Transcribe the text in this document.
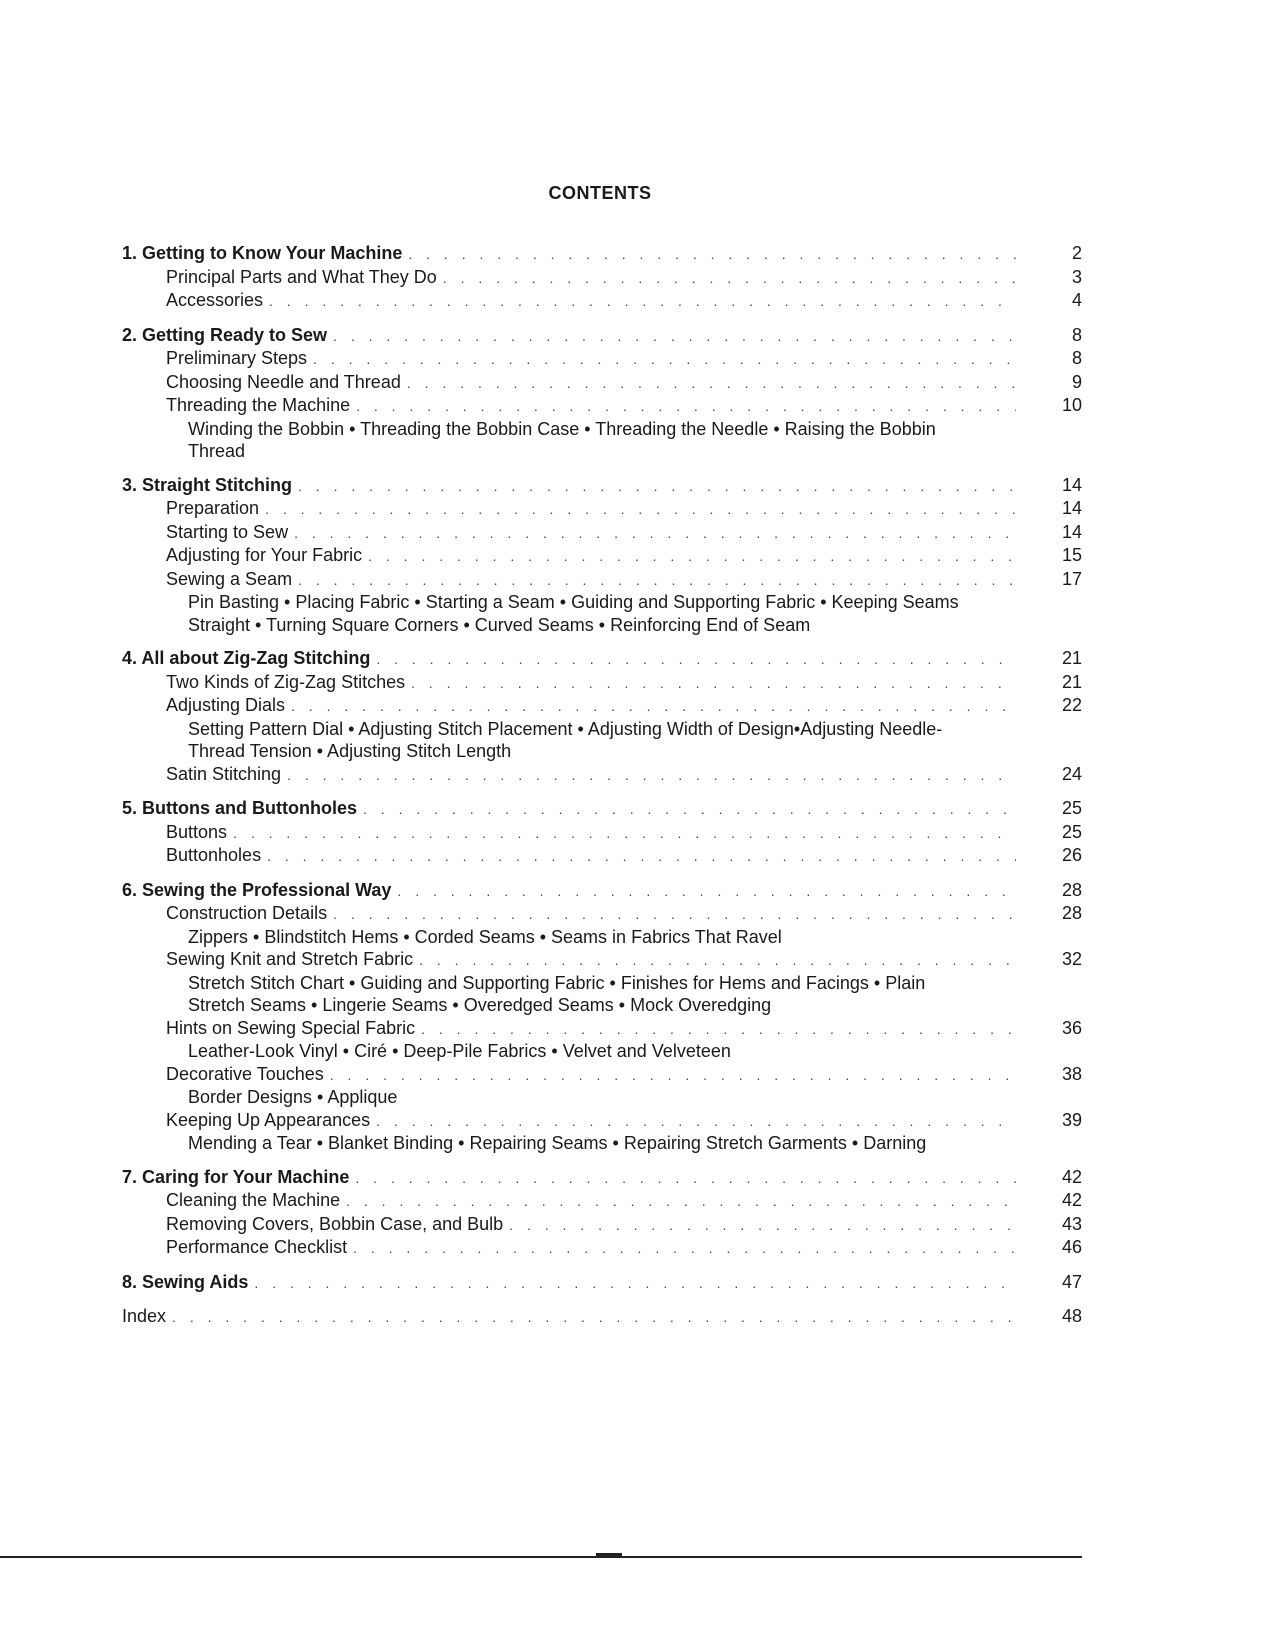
CONTENTS
1. Getting to Know Your Machine . . .	2
Principal Parts and What They Do . . .	3
Accessories . . .	4
2. Getting Ready to Sew . . .	8
Preliminary Steps . . .	8
Choosing Needle and Thread . . .	9
Threading the Machine . . .	10
Winding the Bobbin • Threading the Bobbin Case • Threading the Needle • Raising the Bobbin Thread
3. Straight Stitching . . .	14
Preparation . . .	14
Starting to Sew . . .	14
Adjusting for Your Fabric . . .	15
Sewing a Seam . . .	17
Pin Basting • Placing Fabric • Starting a Seam • Guiding and Supporting Fabric • Keeping Seams Straight • Turning Square Corners • Curved Seams • Reinforcing End of Seam
4. All about Zig-Zag Stitching . . .	21
Two Kinds of Zig-Zag Stitches . . .	21
Adjusting Dials . . .	22
Setting Pattern Dial • Adjusting Stitch Placement • Adjusting Width of Design•Adjusting Needle-Thread Tension • Adjusting Stitch Length
Satin Stitching . . .	24
5. Buttons and Buttonholes . . .	25
Buttons . . .	25
Buttonholes . . .	26
6. Sewing the Professional Way . . .	28
Construction Details . . .	28
Zippers • Blindstitch Hems • Corded Seams • Seams in Fabrics That Ravel
Sewing Knit and Stretch Fabric . . .	32
Stretch Stitch Chart • Guiding and Supporting Fabric • Finishes for Hems and Facings • Plain Stretch Seams • Lingerie Seams • Overedged Seams • Mock Overedging
Hints on Sewing Special Fabric . . .	36
Leather-Look Vinyl • Ciré • Deep-Pile Fabrics • Velvet and Velveteen
Decorative Touches . . .	38
Border Designs • Applique
Keeping Up Appearances . . .	39
Mending a Tear • Blanket Binding • Repairing Seams • Repairing Stretch Garments • Darning
7. Caring for Your Machine . . .	42
Cleaning the Machine . . .	42
Removing Covers, Bobbin Case, and Bulb . . .	43
Performance Checklist . . .	46
8. Sewing Aids . . .	47
Index . . .	48
